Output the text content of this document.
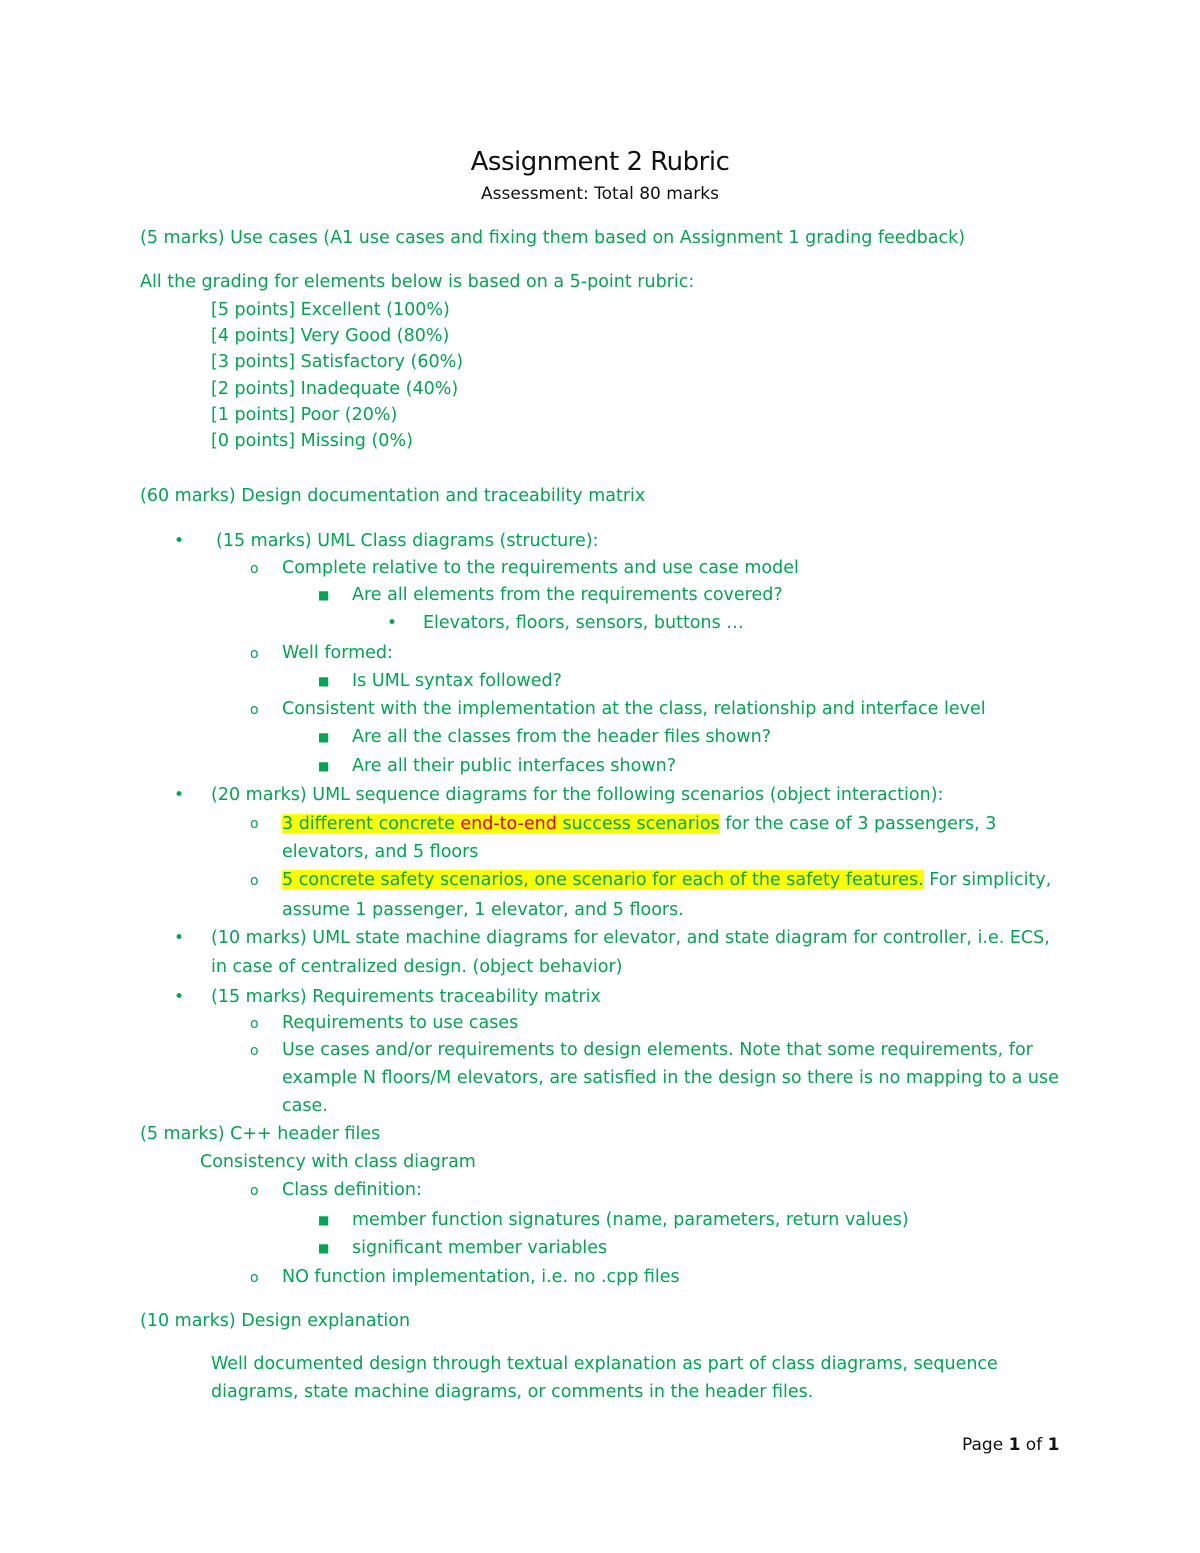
Assignment 2 Rubric
Assessment: Total 80 marks
(5 marks) Use cases (A1 use cases and fixing them based on Assignment 1 grading feedback)
All the grading for elements below is based on a 5-point rubric:
[5 points] Excellent (100%)
[4 points] Very Good (80%)
[3 points] Satisfactory (60%)
[2 points] Inadequate (40%)
[1 points] Poor (20%)
[0 points] Missing (0%)
(60 marks) Design documentation and traceability matrix
• (15 marks) UML Class diagrams (structure):
o Complete relative to the requirements and use case model
■ Are all elements from the requirements covered?
• Elevators, floors, sensors, buttons …
o Well formed:
■ Is UML syntax followed?
o Consistent with the implementation at the class, relationship and interface level
■ Are all the classes from the header files shown?
■ Are all their public interfaces shown?
• (20 marks) UML sequence diagrams for the following scenarios (object interaction):
o 3 different concrete end-to-end success scenarios for the case of 3 passengers, 3
elevators, and 5 floors
o 5 concrete safety scenarios, one scenario for each of the safety features. For simplicity,
assume 1 passenger, 1 elevator, and 5 floors.
• (10 marks) UML state machine diagrams for elevator, and state diagram for controller, i.e. ECS,
in case of centralized design. (object behavior)
• (15 marks) Requirements traceability matrix
o Requirements to use cases
o Use cases and/or requirements to design elements. Note that some requirements, for
example N floors/M elevators, are satisfied in the design so there is no mapping to a use
case.
(5 marks) C++ header files
Consistency with class diagram
o Class definition:
■ member function signatures (name, parameters, return values)
■ significant member variables
o NO function implementation, i.e. no .cpp files
(10 marks) Design explanation
Well documented design through textual explanation as part of class diagrams, sequence
diagrams, state machine diagrams, or comments in the header files.
Page 1 of 1
